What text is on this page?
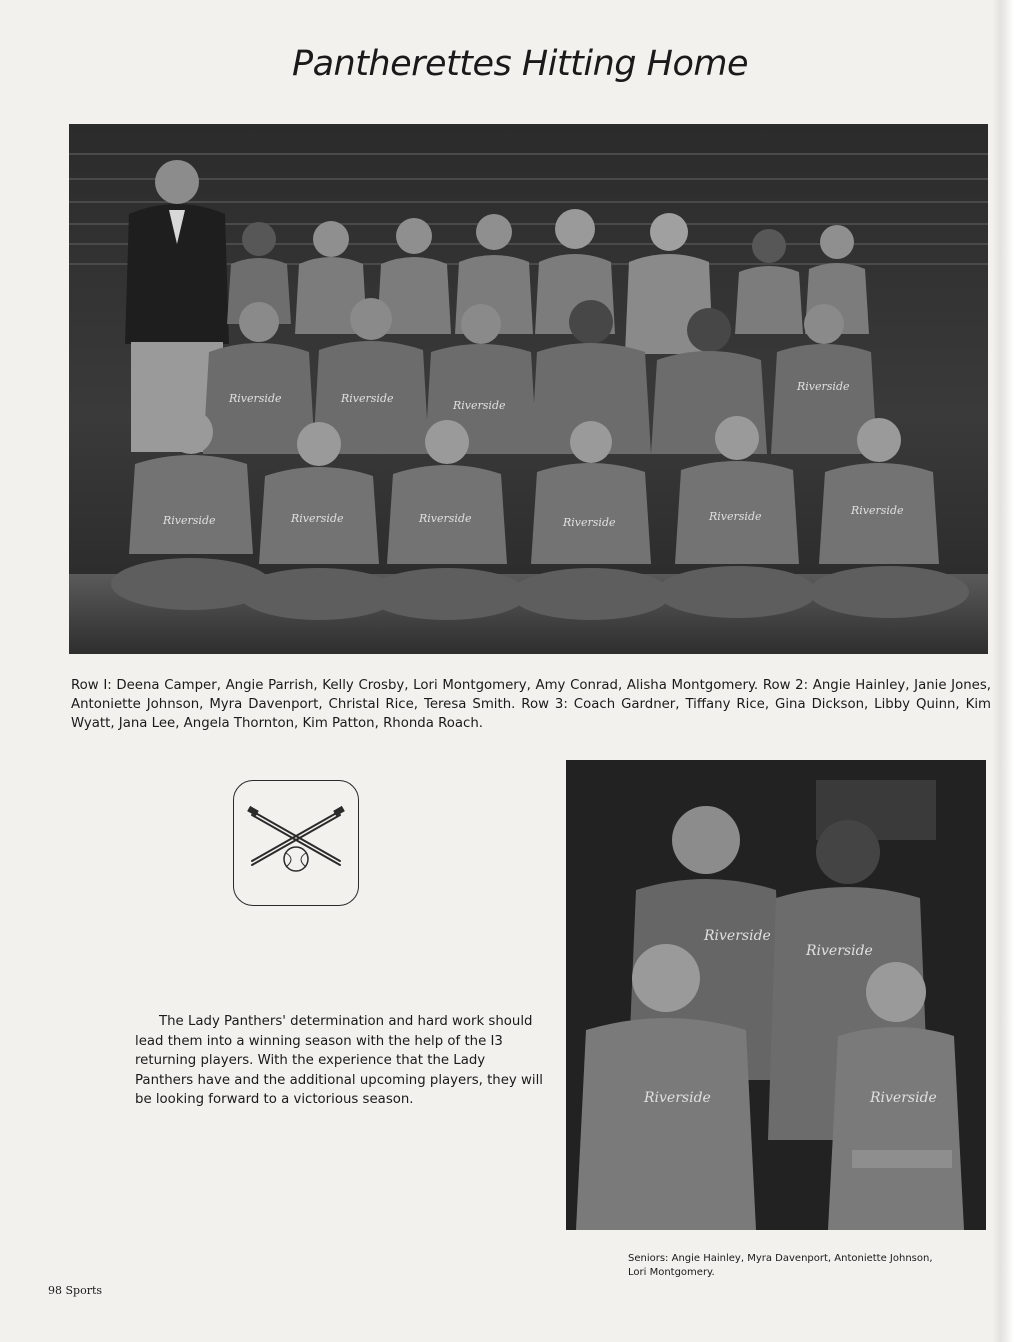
Pantherettes Hitting Home
Riverside	Riverside
Riverside
Riverside
Riverside	Riverside	Riverside	Riverside	Riverside	Riverside
Row I: Deena Camper, Angie Parrish, Kelly Crosby, Lori Montgomery, Amy Conrad, Alisha Montgomery. Row 2: Angie Hainley, Janie Jones, Antoniette Johnson, Myra Davenport, Christal Rice, Teresa Smith. Row 3: Coach Gardner, Tiffany Rice, Gina Dickson, Libby Quinn, Kim Wyatt, Jana Lee, Angela Thornton, Kim Patton, Rhonda Roach.
The Lady Panthers' determination and hard work should lead them into a winning season with the help of the I3 returning players. With the experience that the Lady Panthers have and the additional upcoming players, they will be looking forward to a victorious season.
Riverside
Riverside
Riverside	Riverside
Seniors: Angie Hainley, Myra Davenport, Antoniette Johnson, Lori Montgomery.
98 Sports
